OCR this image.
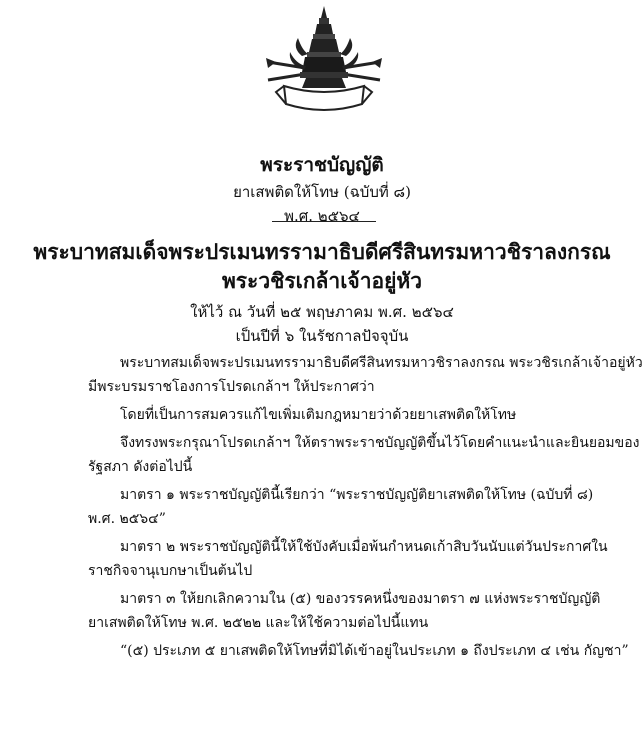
พระราชบัญญัติ
ยาเสพติดให้โทษ (ฉบับที่ ๘)
พ.ศ. ๒๕๖๔
พระบาทสมเด็จพระปรเมนทรรามาธิบดีศรีสินทรมหาวชิราลงกรณ
พระวชิรเกล้าเจ้าอยู่หัว
ให้ไว้ ณ วันที่ ๒๕ พฤษภาคม พ.ศ. ๒๕๖๔
เป็นปีที่ ๖ ในรัชกาลปัจจุบัน
พระบาทสมเด็จพระปรเมนทรรามาธิบดีศรีสินทรมหาวชิราลงกรณ พระวชิรเกล้าเจ้าอยู่หัว
มีพระบรมราชโองการโปรดเกล้าฯ ให้ประกาศว่า
โดยที่เป็นการสมควรแก้ไขเพิ่มเติมกฎหมายว่าด้วยยาเสพติดให้โทษ
จึงทรงพระกรุณาโปรดเกล้าฯ ให้ตราพระราชบัญญัติขึ้นไว้โดยคำแนะนำและยินยอมของ
รัฐสภา ดังต่อไปนี้
มาตรา ๑ พระราชบัญญัตินี้เรียกว่า “พระราชบัญญัติยาเสพติดให้โทษ (ฉบับที่ ๘)
พ.ศ. ๒๕๖๔”
มาตรา ๒ พระราชบัญญัตินี้ให้ใช้บังคับเมื่อพ้นกำหนดเก้าสิบวันนับแต่วันประกาศใน
ราชกิจจานุเบกษาเป็นต้นไป
มาตรา ๓ ให้ยกเลิกความใน (๕) ของวรรคหนึ่งของมาตรา ๗ แห่งพระราชบัญญัติ
ยาเสพติดให้โทษ พ.ศ. ๒๕๒๒ และให้ใช้ความต่อไปนี้แทน
“(๕) ประเภท ๕ ยาเสพติดให้โทษที่มิได้เข้าอยู่ในประเภท ๑ ถึงประเภท ๔ เช่น กัญชา”
